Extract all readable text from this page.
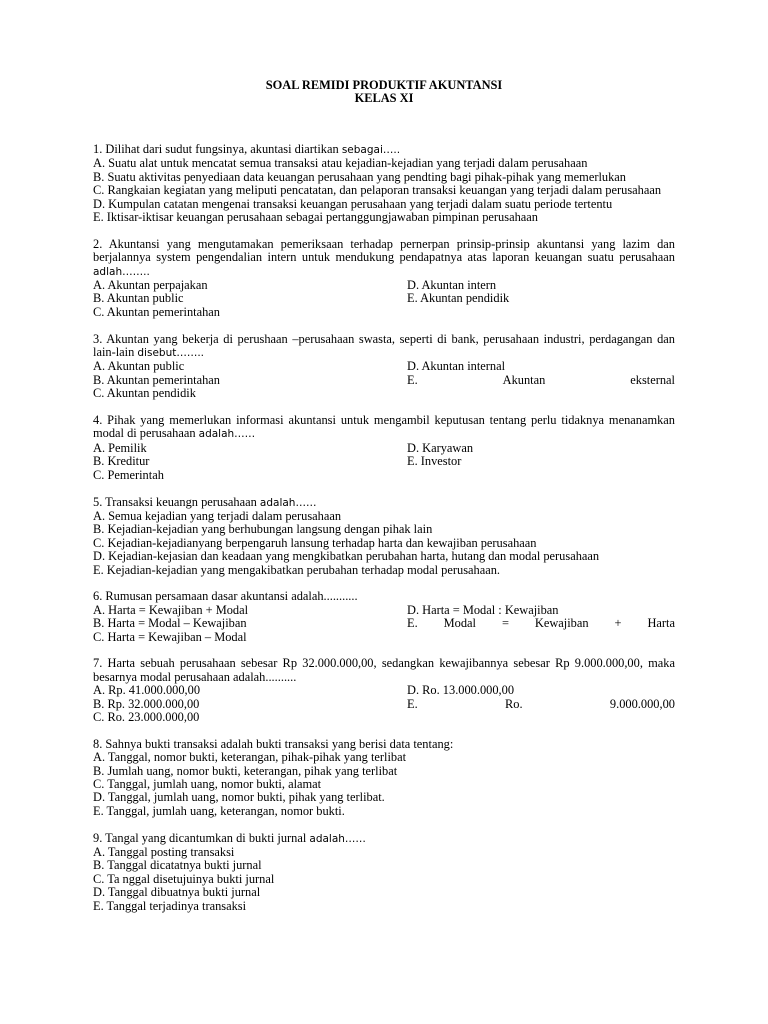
SOAL REMIDI PRODUKTIF AKUNTANSI
KELAS XI
1. Dilihat dari sudut fungsinya, akuntasi diartikan sebagai…..
A. Suatu alat untuk mencatat semua transaksi atau kejadian-kejadian yang terjadi dalam perusahaan
B. Suatu aktivitas penyediaan data keuangan perusahaan yang pendting bagi pihak-pihak yang memerlukan
C. Rangkaian kegiatan yang meliputi pencatatan, dan pelaporan transaksi keuangan yang terjadi dalam perusahaan
D. Kumpulan catatan mengenai transaksi keuangan perusahaan yang terjadi dalam suatu periode tertentu
E. Iktisar-iktisar keuangan perusahaan sebagai pertanggungjawaban pimpinan perusahaan
2. Akuntansi yang mengutamakan pemeriksaan terhadap pernerpan prinsip-prinsip akuntansi yang lazim dan berjalannya system pengendalian intern untuk mendukung pendapatnya atas laporan keuangan suatu perusahaan adlah……..
A. Akuntan perpajakan	D. Akuntan intern
B. Akuntan public	E. Akuntan pendidik
C. Akuntan pemerintahan
3. Akuntan yang bekerja di perushaan –perusahaan swasta, seperti di bank, perusahaan industri, perdagangan dan lain-lain disebut……..
A. Akuntan public	D. Akuntan internal
B. Akuntan pemerintahan	E.	Akuntan	eksternal
C. Akuntan pendidik
4. Pihak yang memerlukan informasi akuntansi untuk mengambil keputusan tentang perlu tidaknya menanamkan modal di perusahaan adalah……
A. Pemilik	D. Karyawan
B. Kreditur	E. Investor
C. Pemerintah
5. Transaksi keuangn perusahaan adalah……
A. Semua kejadian yang terjadi dalam perusahaan
B. Kejadian-kejadian yang berhubungan langsung dengan pihak lain
C. Kejadian-kejadianyang berpengaruh lansung terhadap harta dan kewajiban perusahaan
D. Kejadian-kejasian dan keadaan yang mengkibatkan perubahan harta, hutang dan modal perusahaan
E. Kejadian-kejadian yang mengakibatkan perubahan terhadap modal perusahaan.
6. Rumusan persamaan dasar akuntansi adalah...........
A. Harta = Kewajiban + Modal	D. Harta = Modal : Kewajiban
B. Harta = Modal – Kewajiban	E. Modal = Kewajiban + Harta
C. Harta = Kewajiban – Modal
7. Harta sebuah perusahaan sebesar Rp 32.000.000,00, sedangkan kewajibannya sebesar Rp 9.000.000,00, maka besarnya modal perusahaan adalah..........
A. Rp. 41.000.000,00	D. Ro. 13.000.000,00
B. Rp. 32.000.000,00	E.	Ro.	9.000.000,00
C. Ro. 23.000.000,00
8. Sahnya bukti transaksi adalah bukti transaksi yang berisi data tentang:
A. Tanggal, nomor bukti, keterangan, pihak-pihak yang terlibat
B. Jumlah uang, nomor bukti, keterangan, pihak yang terlibat
C. Tanggal, jumlah uang, nomor bukti, alamat
D. Tanggal, jumlah uang, nomor bukti, pihak yang terlibat.
E. Tanggal, jumlah uang, keterangan, nomor bukti.
9. Tangal yang dicantumkan di bukti jurnal adalah……
A. Tanggal posting transaksi
B. Tanggal dicatatnya bukti jurnal
C. Ta nggal disetujuinya bukti jurnal
D. Tanggal dibuatnya bukti jurnal
E. Tanggal terjadinya transaksi
